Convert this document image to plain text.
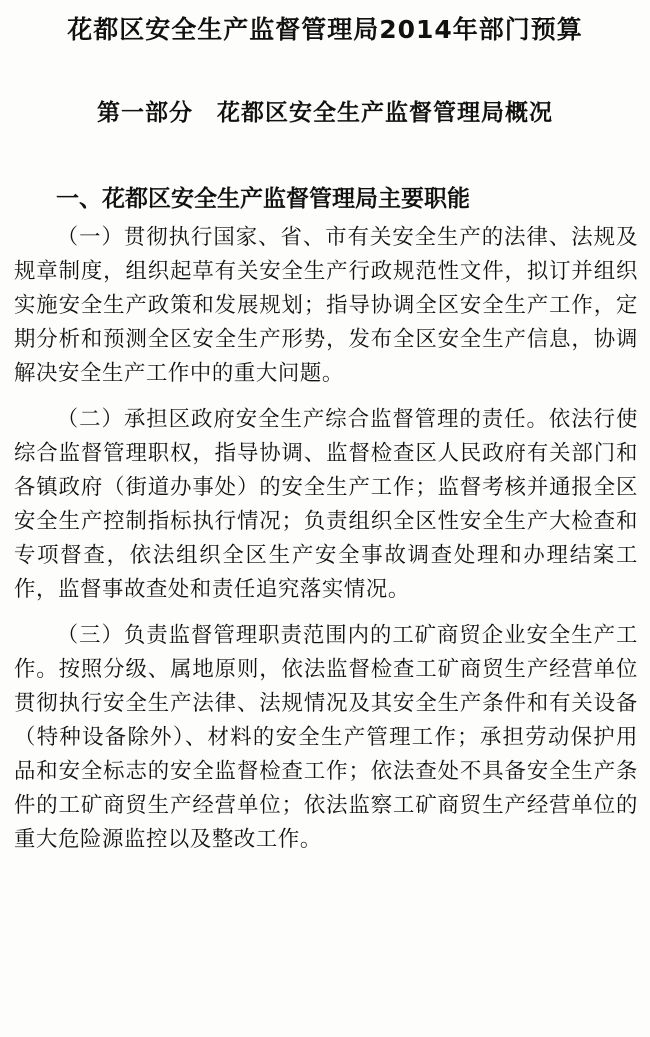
花都区安全生产监督管理局2014年部门预算
第一部分　花都区安全生产监督管理局概况
一、花都区安全生产监督管理局主要职能

（一）贯彻执行国家、省、市有关安全生产的法律、法规及规章制度，组织起草有关安全生产行政规范性文件，拟订并组织实施安全生产政策和发展规划；指导协调全区安全生产工作，定期分析和预测全区安全生产形势，发布全区安全生产信息，协调解决安全生产工作中的重大问题。

（二）承担区政府安全生产综合监督管理的责任。依法行使综合监督管理职权，指导协调、监督检查区人民政府有关部门和各镇政府（街道办事处）的安全生产工作；监督考核并通报全区安全生产控制指标执行情况；负责组织全区性安全生产大检查和专项督查，依法组织全区生产安全事故调查处理和办理结案工作，监督事故查处和责任追究落实情况。

（三）负责监督管理职责范围内的工矿商贸企业安全生产工作。按照分级、属地原则，依法监督检查工矿商贸生产经营单位贯彻执行安全生产法律、法规情况及其安全生产条件和有关设备（特种设备除外）、材料的安全生产管理工作；承担劳动保护用品和安全标志的安全监督检查工作；依法查处不具备安全生产条件的工矿商贸生产经营单位；依法监察工矿商贸生产经营单位的重大危险源监控以及整改工作。
